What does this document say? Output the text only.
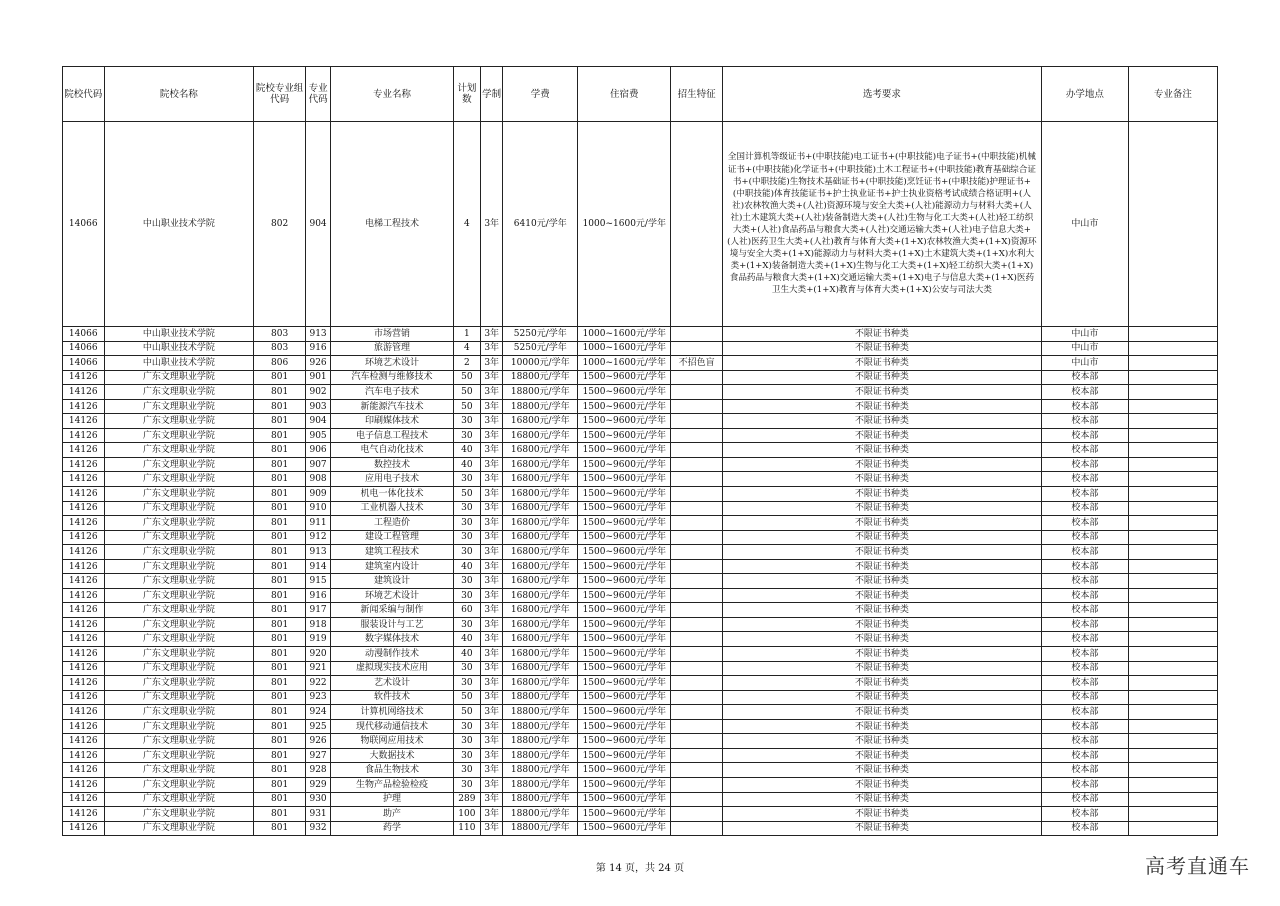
院校代码	院校名称	院校专业组代码	专业代码	专业名称	计划数	学制	学费	住宿费	招生特征	选考要求	办学地点	专业备注
14066	中山职业技术学院	802	904	电梯工程技术	4	3年	6410元/学年	1000~1600元/学年		全国计算机等级证书+(中职技能)电工证书+(中职技能)电子证书+(中职技能)机械证书+(中职技能)化学证书+(中职技能)土木工程证书+(中职技能)教育基础综合证书+(中职技能)生物技术基础证书+(中职技能)烹饪证书+(中职技能)护理证书+(中职技能)体育技能证书+护士执业证书+护士执业资格考试成绩合格证明+(人社)农林牧渔大类+(人社)资源环境与安全大类+(人社)能源动力与材料大类+(人社)土木建筑大类+(人社)装备制造大类+(人社)生物与化工大类+(人社)轻工纺织大类+(人社)食品药品与粮食大类+(人社)交通运输大类+(人社)电子信息大类+(人社)医药卫生大类+(人社)教育与体育大类+(1+X)农林牧渔大类+(1+X)资源环境与安全大类+(1+X)能源动力与材料大类+(1+X)土木建筑大类+(1+X)水利大类+(1+X)装备制造大类+(1+X)生物与化工大类+(1+X)轻工纺织大类+(1+X)食品药品与粮食大类+(1+X)交通运输大类+(1+X)电子与信息大类+(1+X)医药卫生大类+(1+X)教育与体育大类+(1+X)公安与司法大类	中山市	
14066	中山职业技术学院	803	913	市场营销	1	3年	5250元/学年	1000~1600元/学年		不限证书种类	中山市	
14066	中山职业技术学院	803	916	旅游管理	4	3年	5250元/学年	1000~1600元/学年		不限证书种类	中山市	
14066	中山职业技术学院	806	926	环境艺术设计	2	3年	10000元/学年	1000~1600元/学年	不招色盲	不限证书种类	中山市	
14126	广东文理职业学院	801	901	汽车检测与维修技术	50	3年	18800元/学年	1500~9600元/学年		不限证书种类	校本部	
14126	广东文理职业学院	801	902	汽车电子技术	50	3年	18800元/学年	1500~9600元/学年		不限证书种类	校本部	
14126	广东文理职业学院	801	903	新能源汽车技术	50	3年	18800元/学年	1500~9600元/学年		不限证书种类	校本部	
14126	广东文理职业学院	801	904	印刷媒体技术	30	3年	16800元/学年	1500~9600元/学年		不限证书种类	校本部	
14126	广东文理职业学院	801	905	电子信息工程技术	30	3年	16800元/学年	1500~9600元/学年		不限证书种类	校本部	
14126	广东文理职业学院	801	906	电气自动化技术	40	3年	16800元/学年	1500~9600元/学年		不限证书种类	校本部	
14126	广东文理职业学院	801	907	数控技术	40	3年	16800元/学年	1500~9600元/学年		不限证书种类	校本部	
14126	广东文理职业学院	801	908	应用电子技术	30	3年	16800元/学年	1500~9600元/学年		不限证书种类	校本部	
14126	广东文理职业学院	801	909	机电一体化技术	50	3年	16800元/学年	1500~9600元/学年		不限证书种类	校本部	
14126	广东文理职业学院	801	910	工业机器人技术	30	3年	16800元/学年	1500~9600元/学年		不限证书种类	校本部	
14126	广东文理职业学院	801	911	工程造价	30	3年	16800元/学年	1500~9600元/学年		不限证书种类	校本部	
14126	广东文理职业学院	801	912	建设工程管理	30	3年	16800元/学年	1500~9600元/学年		不限证书种类	校本部	
14126	广东文理职业学院	801	913	建筑工程技术	30	3年	16800元/学年	1500~9600元/学年		不限证书种类	校本部	
14126	广东文理职业学院	801	914	建筑室内设计	40	3年	16800元/学年	1500~9600元/学年		不限证书种类	校本部	
14126	广东文理职业学院	801	915	建筑设计	30	3年	16800元/学年	1500~9600元/学年		不限证书种类	校本部	
14126	广东文理职业学院	801	916	环境艺术设计	30	3年	16800元/学年	1500~9600元/学年		不限证书种类	校本部	
14126	广东文理职业学院	801	917	新闻采编与制作	60	3年	16800元/学年	1500~9600元/学年		不限证书种类	校本部	
14126	广东文理职业学院	801	918	服装设计与工艺	30	3年	16800元/学年	1500~9600元/学年		不限证书种类	校本部	
14126	广东文理职业学院	801	919	数字媒体技术	40	3年	16800元/学年	1500~9600元/学年		不限证书种类	校本部	
14126	广东文理职业学院	801	920	动漫制作技术	40	3年	16800元/学年	1500~9600元/学年		不限证书种类	校本部	
14126	广东文理职业学院	801	921	虚拟现实技术应用	30	3年	16800元/学年	1500~9600元/学年		不限证书种类	校本部	
14126	广东文理职业学院	801	922	艺术设计	30	3年	16800元/学年	1500~9600元/学年		不限证书种类	校本部	
14126	广东文理职业学院	801	923	软件技术	50	3年	18800元/学年	1500~9600元/学年		不限证书种类	校本部	
14126	广东文理职业学院	801	924	计算机网络技术	50	3年	18800元/学年	1500~9600元/学年		不限证书种类	校本部	
14126	广东文理职业学院	801	925	现代移动通信技术	30	3年	18800元/学年	1500~9600元/学年		不限证书种类	校本部	
14126	广东文理职业学院	801	926	物联网应用技术	30	3年	18800元/学年	1500~9600元/学年		不限证书种类	校本部	
14126	广东文理职业学院	801	927	大数据技术	30	3年	18800元/学年	1500~9600元/学年		不限证书种类	校本部	
14126	广东文理职业学院	801	928	食品生物技术	30	3年	18800元/学年	1500~9600元/学年		不限证书种类	校本部	
14126	广东文理职业学院	801	929	生物产品检验检疫	30	3年	18800元/学年	1500~9600元/学年		不限证书种类	校本部	
14126	广东文理职业学院	801	930	护理	289	3年	18800元/学年	1500~9600元/学年		不限证书种类	校本部	
14126	广东文理职业学院	801	931	助产	100	3年	18800元/学年	1500~9600元/学年		不限证书种类	校本部	
14126	广东文理职业学院	801	932	药学	110	3年	18800元/学年	1500~9600元/学年		不限证书种类	校本部	
第 14 页，共 24 页	高考直通车
